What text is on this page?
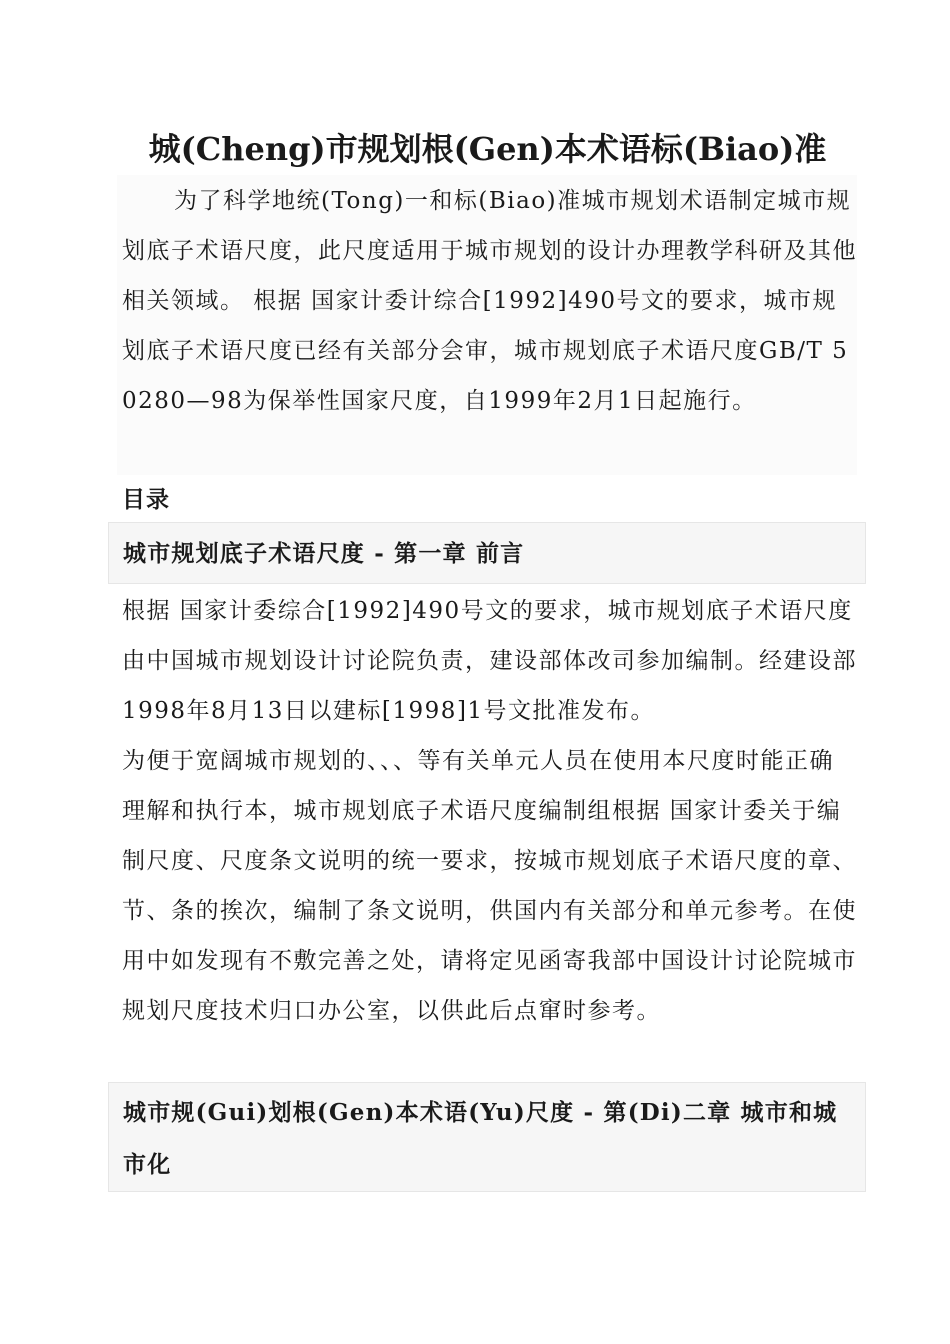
城(Cheng)市规划根(Gen)本术语标(Biao)准

为了科学地统(Tong)一和标(Biao)准城市规划术语制定城市规划底子术语尺度，此尺度适用于城市规划的设计办理教学科研及其他相关领域。 根据 国家计委计综合[1992]490号文的要求，城市规划底子术语尺度已经有关部分会审，城市规划底子术语尺度GB/T 50280—98为保举性国家尺度，自1999年2月1日起施行。

目录
城市规划底子术语尺度 - 第一章 前言

根据 国家计委综合[1992]490号文的要求，城市规划底子术语尺度由中国城市规划设计讨论院负责，建设部体改司参加编制。经建设部1998年8月13日以建标[1998]1号文批准发布。

为便于宽阔城市规划的、、、等有关单元人员在使用本尺度时能正确理解和执行本，城市规划底子术语尺度编制组根据 国家计委关于编制尺度、尺度条文说明的统一要求，按城市规划底子术语尺度的章、节、条的挨次，编制了条文说明，供国内有关部分和单元参考。在使用中如发现有不敷完善之处，请将定见函寄我部中国设计讨论院城市规划尺度技术归口办公室，以供此后点窜时参考。

城市规(Gui)划根(Gen)本术语(Yu)尺度 - 第(Di)二章 城市和城市化
